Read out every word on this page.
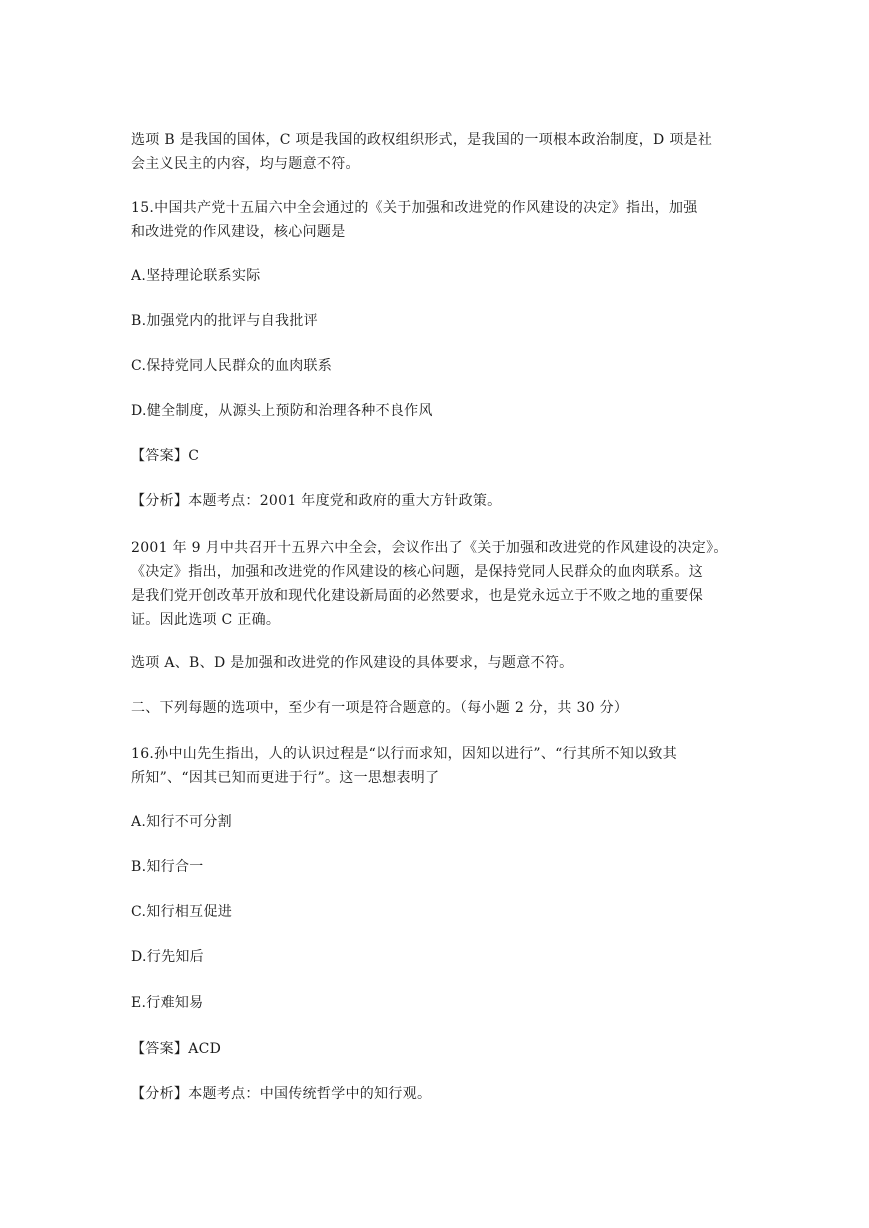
选项 B 是我国的国体，C 项是我国的政权组织形式，是我国的一项根本政治制度，D 项是社
会主义民主的内容，均与题意不符。

15.中国共产党十五届六中全会通过的《关于加强和改进党的作风建设的决定》指出，加强
和改进党的作风建设，核心问题是

A.坚持理论联系实际

B.加强党内的批评与自我批评

C.保持党同人民群众的血肉联系

D.健全制度，从源头上预防和治理各种不良作风

【答案】C

【分析】本题考点：2001 年度党和政府的重大方针政策。

2001 年 9 月中共召开十五界六中全会，会议作出了《关于加强和改进党的作风建设的决定》。
《决定》指出，加强和改进党的作风建设的核心问题，是保持党同人民群众的血肉联系。这
是我们党开创改革开放和现代化建设新局面的必然要求，也是党永远立于不败之地的重要保
证。因此选项 C 正确。

选项 A、B、D 是加强和改进党的作风建设的具体要求，与题意不符。

二、下列每题的选项中，至少有一项是符合题意的。（每小题 2 分，共 30 分）

16.孙中山先生指出，人的认识过程是“以行而求知，因知以进行”、“行其所不知以致其
所知”、“因其已知而更进于行”。这一思想表明了

A.知行不可分割

B.知行合一

C.知行相互促进

D.行先知后

E.行难知易

【答案】ACD

【分析】本题考点：中国传统哲学中的知行观。
